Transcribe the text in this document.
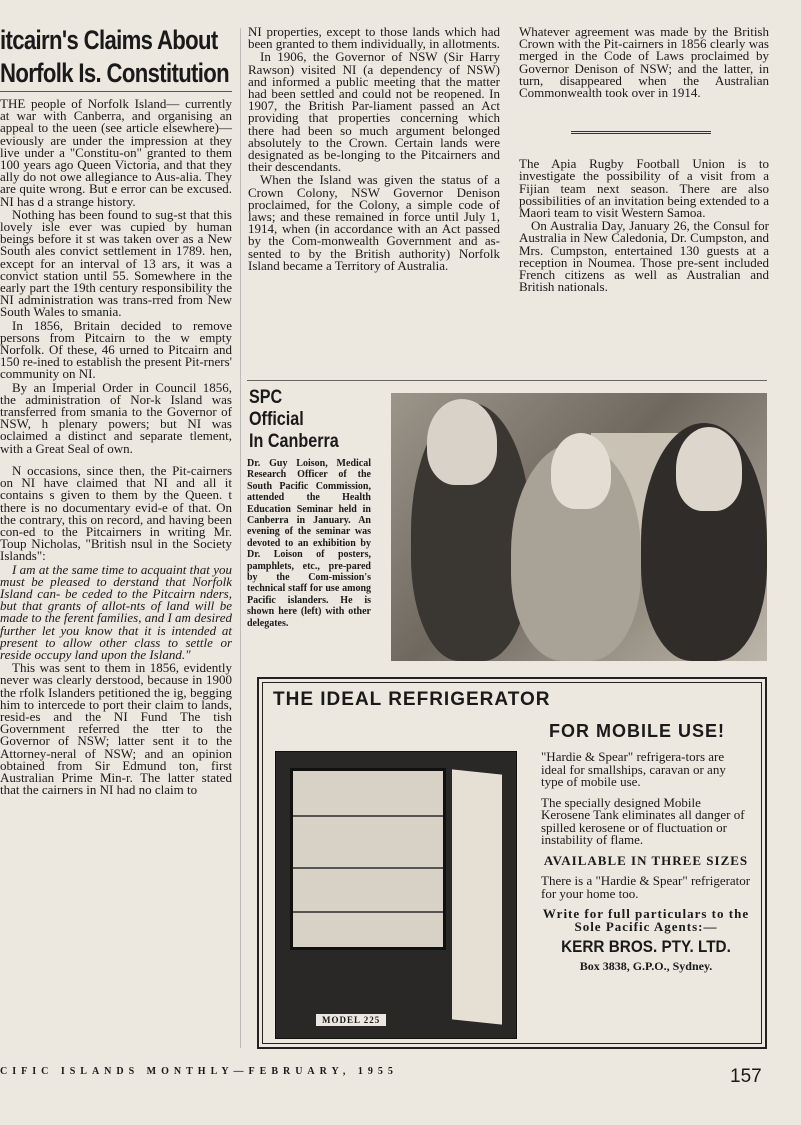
itcairn's Claims About
Norfolk Is. Constitution

THE people of Norfolk Island— currently at war with Canberra, and organising an appeal to the ueen (see article elsewhere)— eviously are under the impression at they live under a "Constitu-on" granted to them 100 years ago Queen Victoria, and that they ally do not owe allegiance to Aus-alia. They are quite wrong. But e error can be excused. NI has d a strange history.

Nothing has been found to sug-st that this lovely isle ever was cupied by human beings before it st was taken over as a New South ales convict settlement in 1789. hen, except for an interval of 13 ars, it was a convict station until 55. Somewhere in the early part the 19th century responsibility the NI administration was trans-rred from New South Wales to smania.

In 1856, Britain decided to remove persons from Pitcairn to the w empty Norfolk. Of these, 46 urned to Pitcairn and 150 re-ined to establish the present Pit-rners' community on NI.

By an Imperial Order in Council 1856, the administration of Nor-k Island was transferred from smania to the Governor of NSW, h plenary powers; but NI was oclaimed a distinct and separate tlement, with a Great Seal of own.

N occasions, since then, the Pit-cairners on NI have claimed that NI and all it contains s given to them by the Queen. t there is no documentary evid-e of that. On the contrary, this on record, and having been con-ed to the Pitcairners in writing Mr. Toup Nicholas, "British nsul in the Society Islands":

I am at the same time to acquaint that you must be pleased to derstand that Norfolk Island can- be ceded to the Pitcairn nders, but that grants of allot-nts of land will be made to the ferent families, and I am desired further let you know that it is intended at present to allow other class to settle or reside occupy land upon the Island."

This was sent to them in 1856, evidently never was clearly derstood, because in 1900 the rfolk Islanders petitioned the ig, begging him to intercede to port their claim to lands, resid-es and the NI Fund The tish Government referred the tter to the Governor of NSW; latter sent it to the Attorney-neral of NSW; and an opinion obtained from Sir Edmund ton, first Australian Prime Min-r. The latter stated that the cairners in NI had no claim to

NI properties, except to those lands which had been granted to them individually, in allotments.

In 1906, the Governor of NSW (Sir Harry Rawson) visited NI (a dependency of NSW) and informed a public meeting that the matter had been settled and could not be reopened. In 1907, the British Par-liament passed an Act providing that properties concerning which there had been so much argument belonged absolutely to the Crown. Certain lands were designated as be-longing to the Pitcairners and their descendants.

When the Island was given the status of a Crown Colony, NSW Governor Denison proclaimed, for the Colony, a simple code of laws; and these remained in force until July 1, 1914, when (in accordance with an Act passed by the Com-monwealth Government and as-sented to by the British authority) Norfolk Island became a Territory of Australia.

Whatever agreement was made by the British Crown with the Pit-cairners in 1856 clearly was merged in the Code of Laws proclaimed by Governor Denison of NSW; and the latter, in turn, disappeared when the Australian Commonwealth took over in 1914.

The Apia Rugby Football Union is to investigate the possibility of a visit from a Fijian team next season. There are also possibilities of an invitation being extended to a Maori team to visit Western Samoa.

On Australia Day, January 26, the Consul for Australia in New Caledonia, Dr. Cumpston, and Mrs. Cumpston, entertained 130 guests at a reception in Noumea. Those pre-sent included French citizens as well as Australian and British nationals.

SPC
Official
In Canberra
Dr. Guy Loison, Medical Research Officer of the South Pacific Commission, attended the Health Education Seminar held in Canberra in January. An evening of the seminar was devoted to an exhibition by Dr. Loison of posters, pamphlets, etc., pre-pared by the Com-mission's technical staff for use among Pacific islanders. He is shown here (left) with other delegates.
THE IDEAL REFRIGERATOR
FOR MOBILE USE!
MODEL 225

"Hardie & Spear" refrigera-tors are ideal for smallships, caravan or any type of mobile use.

The specially designed Mobile Kerosene Tank eliminates all danger of spilled kerosene or of fluctuation or instability of flame.

AVAILABLE IN THREE SIZES

There is a "Hardie & Spear" refrigerator for your home too.

Write for full particulars to the Sole Pacific Agents:—

KERR BROS. PTY. LTD.
Box 3838, G.P.O., Sydney.
CIFIC ISLANDS MONTHLY—FEBRUARY, 1955	157
